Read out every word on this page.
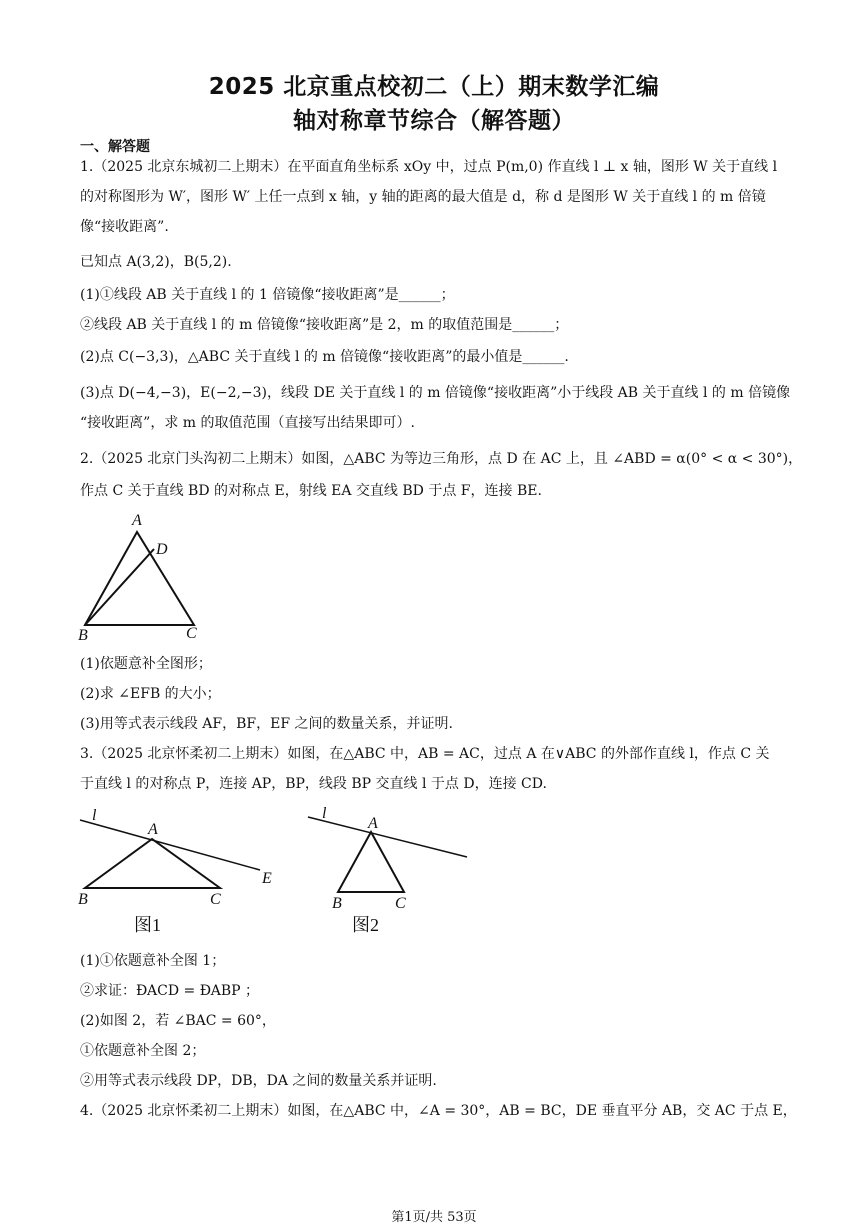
2025 北京重点校初二（上）期末数学汇编
轴对称章节综合（解答题）
一、解答题
1.（2025 北京东城初二上期末）在平面直角坐标系 xOy 中，过点 P(m,0) 作直线 l ⊥ x 轴，图形 W 关于直线 l
的对称图形为 W′，图形 W′ 上任一点到 x 轴，y 轴的距离的最大值是 d，称 d 是图形 W 关于直线 l 的 m 倍镜
像“接收距离”.
已知点 A(3,2)，B(5,2).
(1)①线段 AB 关于直线 l 的 1 倍镜像“接收距离”是______；
②线段 AB 关于直线 l 的 m 倍镜像“接收距离”是 2，m 的取值范围是______；
(2)点 C(−3,3)，△ABC 关于直线 l 的 m 倍镜像“接收距离”的最小值是______.
(3)点 D(−4,−3)，E(−2,−3)，线段 DE 关于直线 l 的 m 倍镜像“接收距离”小于线段 AB 关于直线 l 的 m 倍镜像
“接收距离”，求 m 的取值范围（直接写出结果即可）.
2.（2025 北京门头沟初二上期末）如图，△ABC 为等边三角形，点 D 在 AC 上，且 ∠ABD = α(0° < α < 30°)，
作点 C 关于直线 BD 的对称点 E，射线 EA 交直线 BD 于点 F，连接 BE.
A
D
B	C
(1)依题意补全图形；
(2)求 ∠EFB 的大小；
(3)用等式表示线段 AF，BF，EF 之间的数量关系，并证明.
3.（2025 北京怀柔初二上期末）如图，在△ABC 中，AB = AC，过点 A 在∨ABC 的外部作直线 l，作点 C 关
于直线 l 的对称点 P，连接 AP，BP，线段 BP 交直线 l 于点 D，连接 CD.
l
A
E
B	C
图1
l
A
B	C
图2
(1)①依题意补全图 1；
②求证：ÐACD = ÐABP ；
(2)如图 2，若 ∠BAC = 60°，
①依题意补全图 2；
②用等式表示线段 DP，DB，DA 之间的数量关系并证明.
4.（2025 北京怀柔初二上期末）如图，在△ABC 中，∠A = 30°，AB = BC，DE 垂直平分 AB，交 AC 于点 E，
第1页/共 53页
